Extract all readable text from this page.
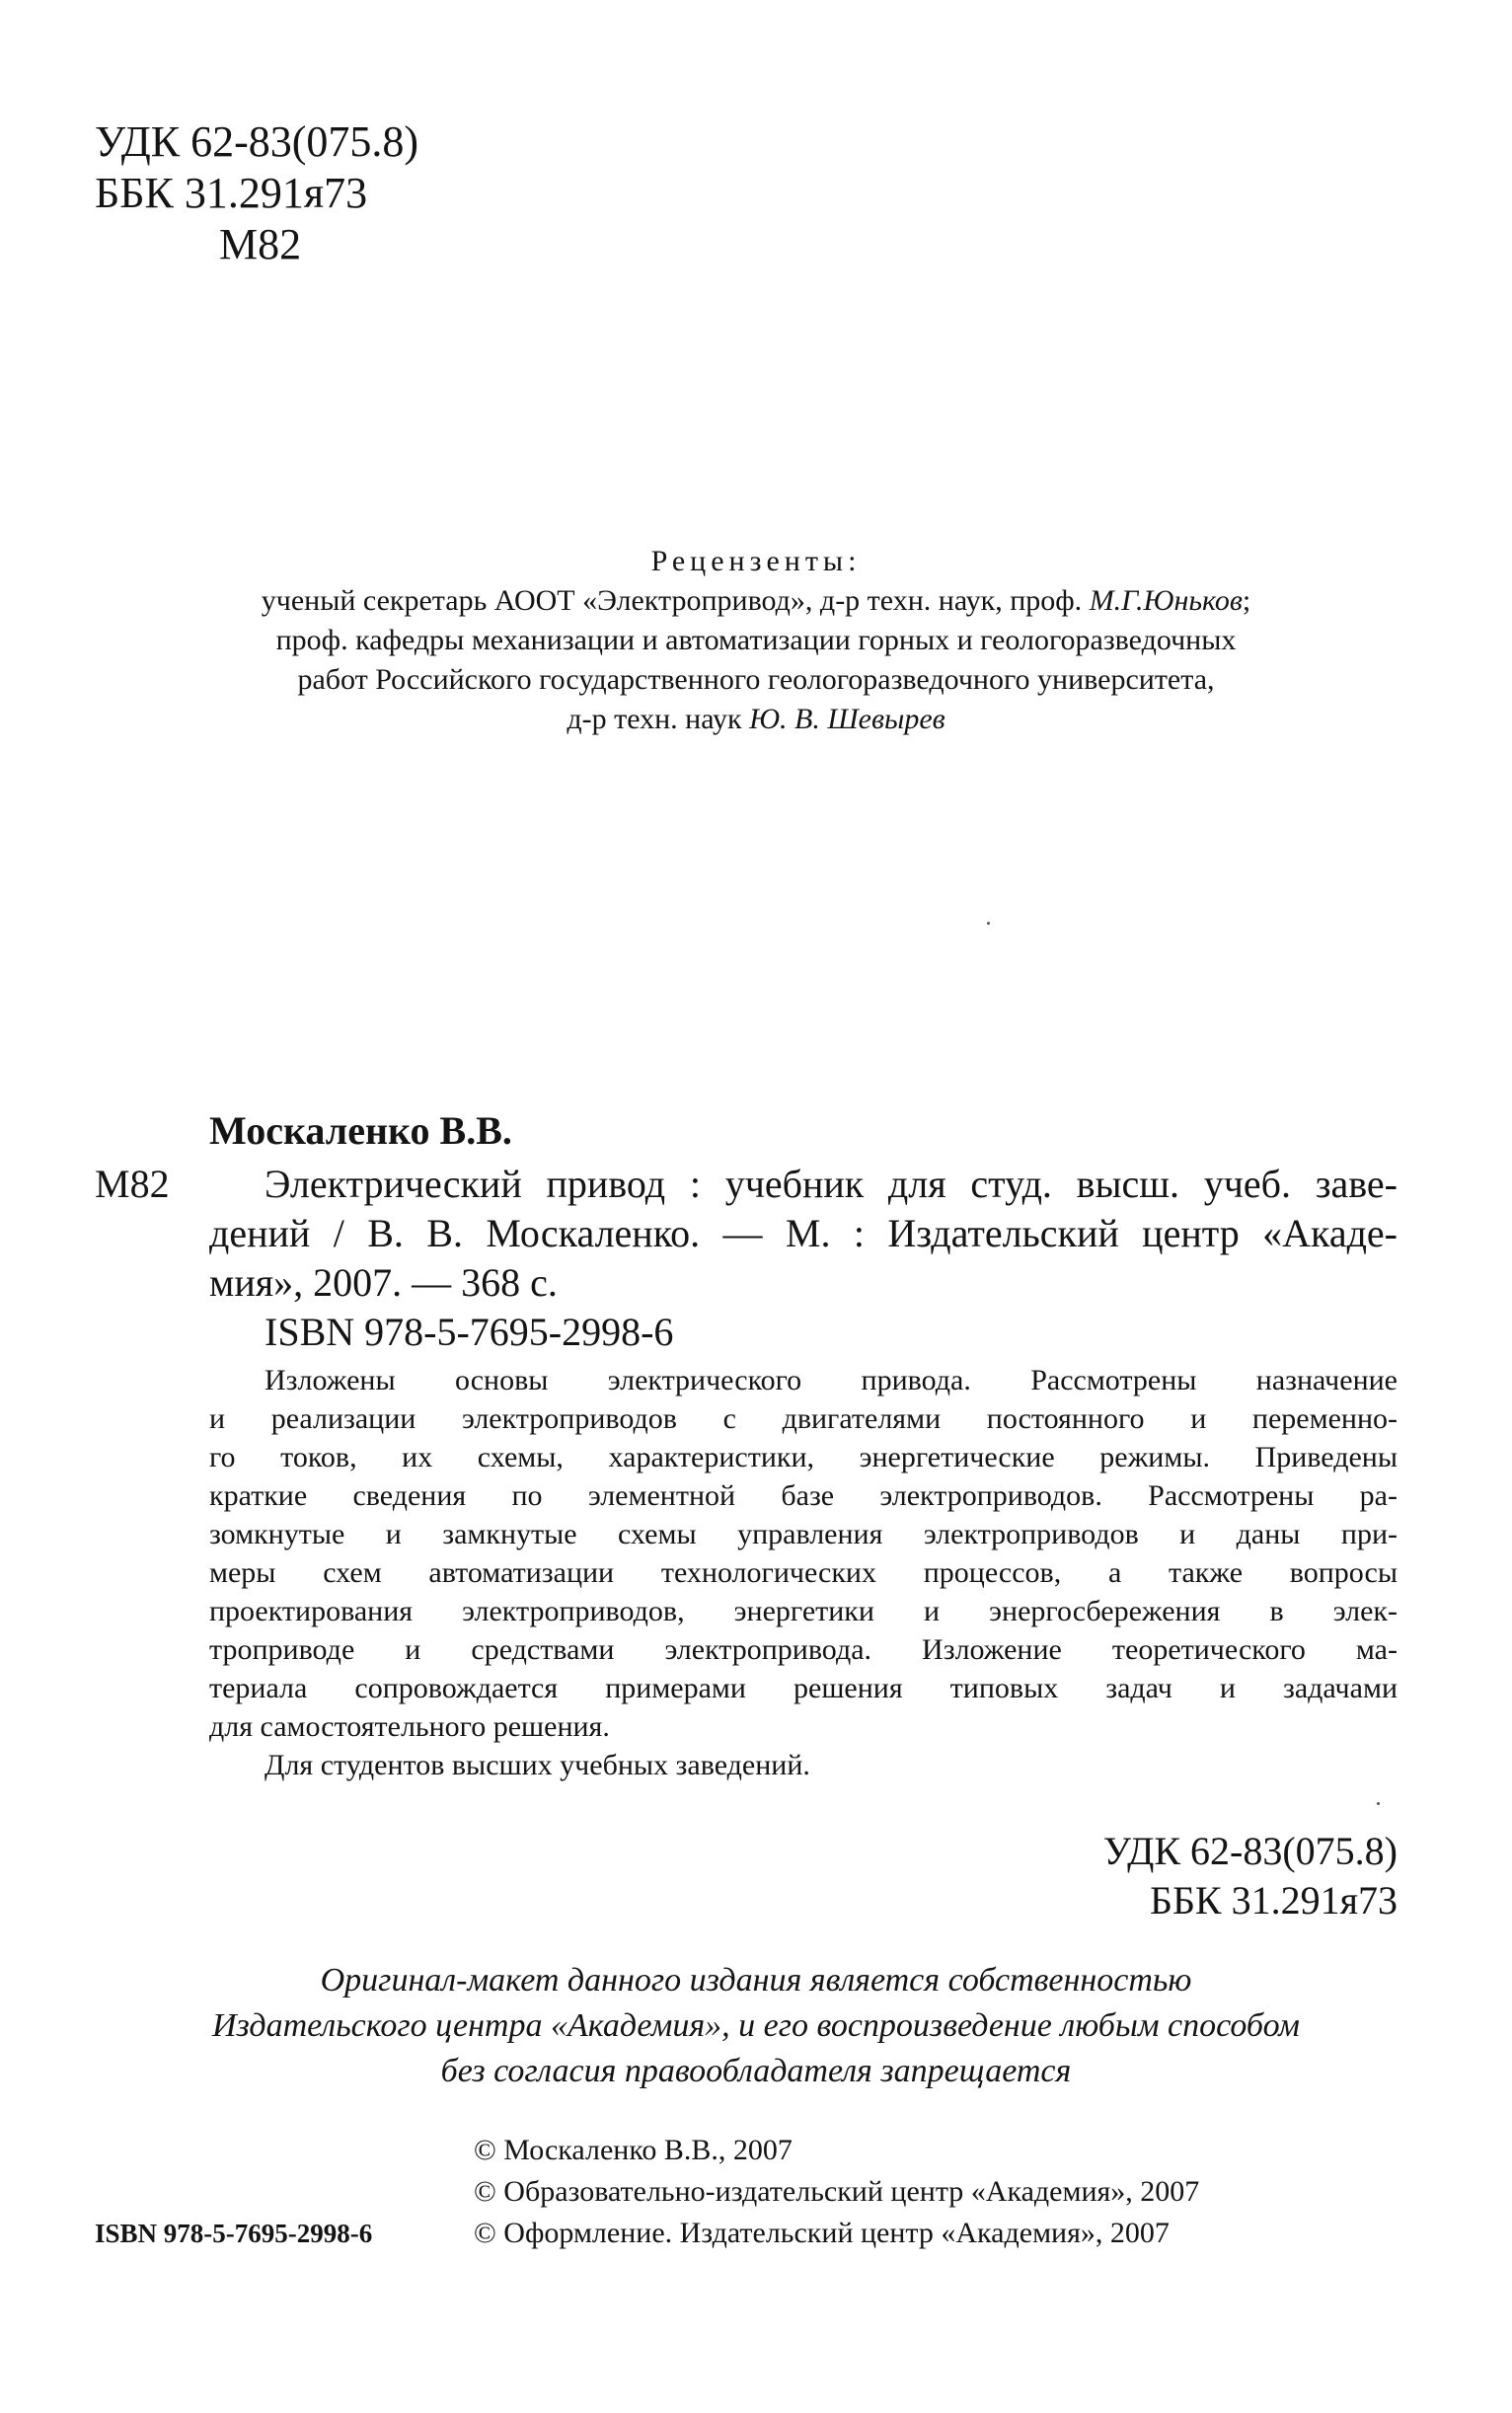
УДК 62-83(075.8)
ББК 31.291я73
М82
Рецензенты:
ученый секретарь АООТ «Электропривод», д-р техн. наук, проф. М.Г.Юньков;
проф. кафедры механизации и автоматизации горных и геологоразведочных
работ Российского государственного геологоразведочного университета,
д-р техн. наук Ю. В. Шевырев
Москаленко В.В.
М82 Электрический привод : учебник для студ. высш. учеб. заве-
дений / В. В. Москаленко. — М. : Издательский центр «Акаде-
мия», 2007. — 368 с.
ISBN 978-5-7695-2998-6
Изложены основы электрического привода. Рассмотрены назначение
и реализации электроприводов с двигателями постоянного и переменно-
го токов, их схемы, характеристики, энергетические режимы. Приведены
краткие сведения по элементной базе электроприводов. Рассмотрены ра-
зомкнутые и замкнутые схемы управления электроприводов и даны при-
меры схем автоматизации технологических процессов, а также вопросы
проектирования электроприводов, энергетики и энергосбережения в элек-
троприводе и средствами электропривода. Изложение теоретического ма-
териала сопровождается примерами решения типовых задач и задачами
для самостоятельного решения.
Для студентов высших учебных заведений.
УДК 62-83(075.8)
ББК 31.291я73
Оригинал-макет данного издания является собственностью
Издательского центра «Академия», и его воспроизведение любым способом
без согласия правообладателя запрещается
© Москаленко В.В., 2007
© Образовательно-издательский центр «Академия», 2007
ISBN 978-5-7695-2998-6	© Оформление. Издательский центр «Академия», 2007
